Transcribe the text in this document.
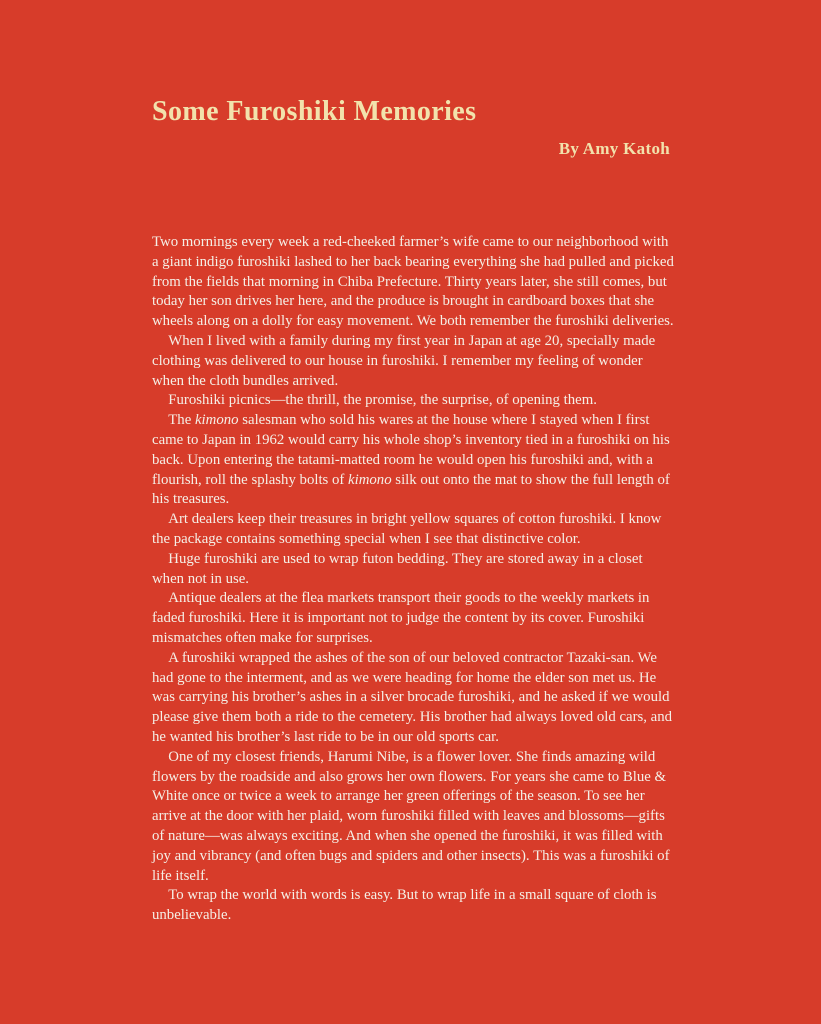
Some Furoshiki Memories
By Amy Katoh

Two mornings every week a red-cheeked farmer’s wife came to our neighborhood with a giant indigo furoshiki lashed to her back bearing everything she had pulled and picked from the fields that morning in Chiba Prefecture. Thirty years later, she still comes, but today her son drives her here, and the produce is brought in cardboard boxes that she wheels along on a dolly for easy movement. We both remember the furoshiki deliveries.

When I lived with a family during my first year in Japan at age 20, specially made clothing was delivered to our house in furoshiki. I remember my feeling of wonder when the cloth bundles arrived.

Furoshiki picnics—the thrill, the promise, the surprise, of opening them.

The kimono salesman who sold his wares at the house where I stayed when I first came to Japan in 1962 would carry his whole shop’s inventory tied in a furoshiki on his back. Upon entering the tatami-matted room he would open his furoshiki and, with a flourish, roll the splashy bolts of kimono silk out onto the mat to show the full length of his treasures.

Art dealers keep their treasures in bright yellow squares of cotton furoshiki. I know the package contains something special when I see that distinctive color.

Huge furoshiki are used to wrap futon bedding. They are stored away in a closet when not in use.

Antique dealers at the flea markets transport their goods to the weekly markets in faded furoshiki. Here it is important not to judge the content by its cover. Furoshiki mismatches often make for surprises.

A furoshiki wrapped the ashes of the son of our beloved contractor Tazaki-san. We had gone to the interment, and as we were heading for home the elder son met us. He was carrying his brother’s ashes in a silver brocade furoshiki, and he asked if we would please give them both a ride to the cemetery. His brother had always loved old cars, and he wanted his brother’s last ride to be in our old sports car.

One of my closest friends, Harumi Nibe, is a flower lover. She finds amazing wild flowers by the roadside and also grows her own flowers. For years she came to Blue & White once or twice a week to arrange her green offerings of the season. To see her arrive at the door with her plaid, worn furoshiki filled with leaves and blossoms—gifts of nature—was always exciting. And when she opened the furoshiki, it was filled with joy and vibrancy (and often bugs and spiders and other insects). This was a furoshiki of life itself.

To wrap the world with words is easy. But to wrap life in a small square of cloth is unbelievable.
